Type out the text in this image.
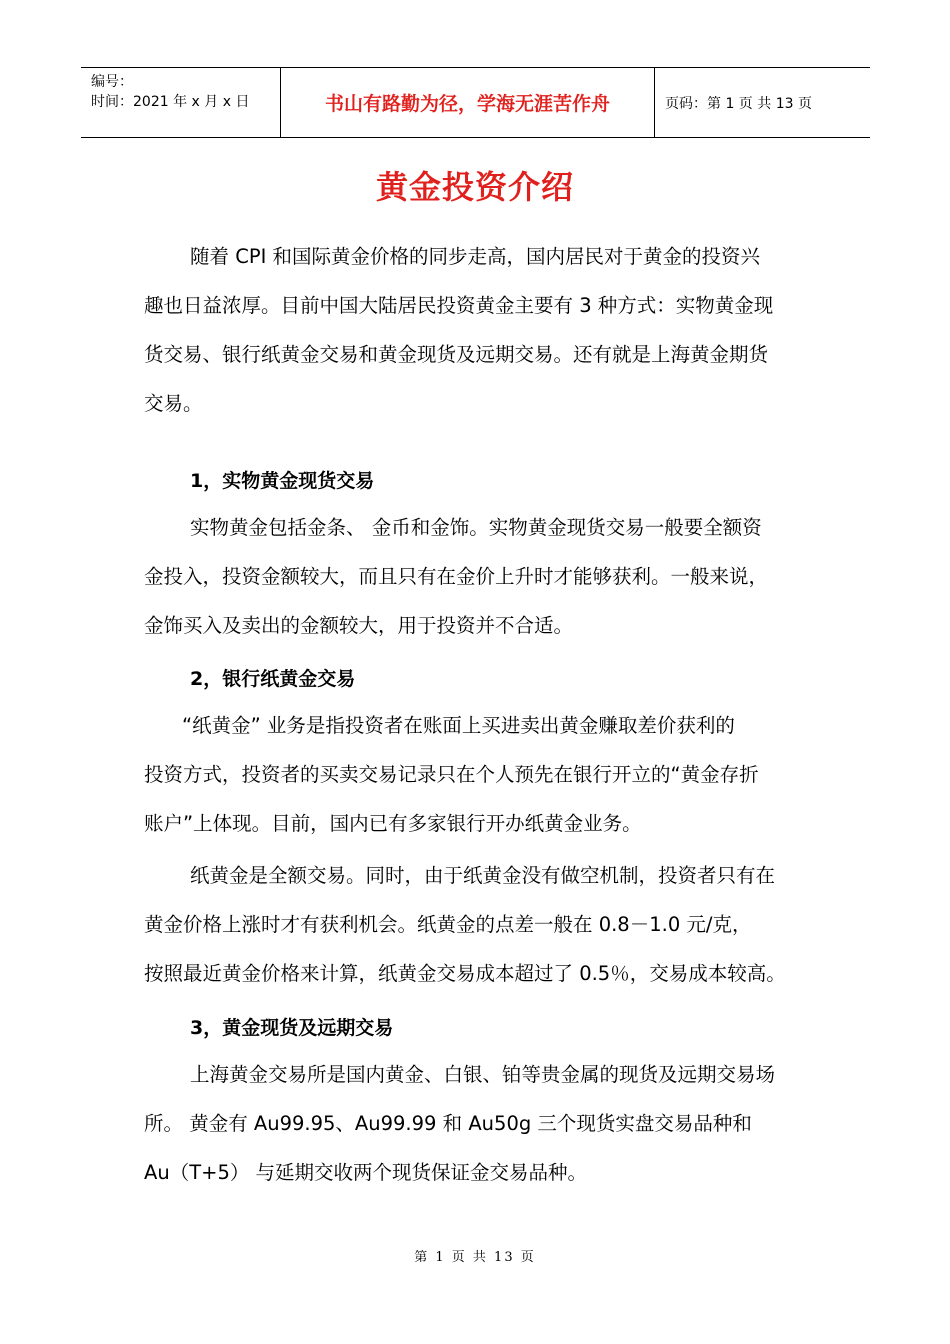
编号：
时间：2021 年 x 月 x 日	书山有路勤为径，学海无涯苦作舟	页码：第 1 页 共 13 页
黄金投资介绍
随着 CPI 和国际黄金价格的同步走高，国内居民对于黄金的投资兴
趣也日益浓厚。目前中国大陆居民投资黄金主要有 3 种方式：实物黄金现
货交易、银行纸黄金交易和黄金现货及远期交易。还有就是上海黄金期货
交易。
1，实物黄金现货交易
实物黄金包括金条、 金币和金饰。实物黄金现货交易一般要全额资
金投入，投资金额较大，而且只有在金价上升时才能够获利。一般来说，
金饰买入及卖出的金额较大，用于投资并不合适。
2，银行纸黄金交易
“纸黄金” 业务是指投资者在账面上买进卖出黄金赚取差价获利的
投资方式，投资者的买卖交易记录只在个人预先在银行开立的“黄金存折
账户”上体现。目前，国内已有多家银行开办纸黄金业务。
纸黄金是全额交易。同时，由于纸黄金没有做空机制，投资者只有在
黄金价格上涨时才有获利机会。纸黄金的点差一般在 0.8－1.0 元/克，
按照最近黄金价格来计算，纸黄金交易成本超过了 0.5％，交易成本较高。
3，黄金现货及远期交易
上海黄金交易所是国内黄金、白银、铂等贵金属的现货及远期交易场
所。 黄金有 Au99.95、Au99.99 和 Au50g 三个现货实盘交易品种和
Au（T+5） 与延期交收两个现货保证金交易品种。
第 1 页 共 13 页
